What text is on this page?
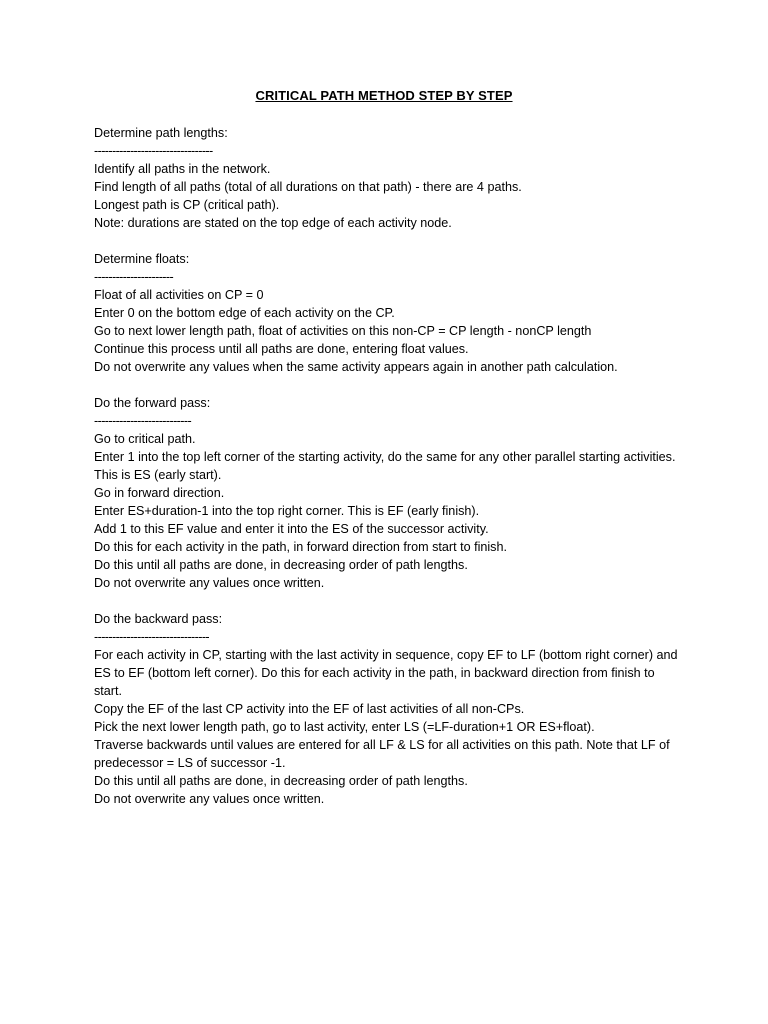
CRITICAL PATH METHOD STEP BY STEP
Determine path lengths:
---------------------------------
Identify all paths in the network.
Find length of all paths (total of all durations on that path) - there are 4 paths.
Longest path is CP (critical path).
Note: durations are stated on the top edge of each activity node.
Determine floats:
----------------------
Float of all activities on CP = 0
Enter 0 on the bottom edge of each activity on the CP.
Go to next lower length path, float of activities on this non-CP = CP length - nonCP length
Continue this process until all paths are done, entering float values.
Do not overwrite any values when the same activity appears again in another path calculation.
Do the forward pass:
---------------------------
Go to critical path.
Enter 1 into the top left corner of the starting activity, do the same for any other parallel starting activities. This is ES (early start).
Go in forward direction.
Enter ES+duration-1 into the top right corner. This is EF (early finish).
Add 1 to this EF value and enter it into the ES of the successor activity.
Do this for each activity in the path, in forward direction from start to finish.
Do this until all paths are done, in decreasing order of path lengths.
Do not overwrite any values once written.
Do the backward pass:
--------------------------------
For each activity in CP, starting with the last activity in sequence, copy EF to LF (bottom right corner) and ES to EF (bottom left corner). Do this for each activity in the path, in backward direction from finish to start.
Copy the EF of the last CP activity into the EF of last activities of all non-CPs.
Pick the next lower length path, go to last activity, enter LS (=LF-duration+1 OR ES+float).
Traverse backwards until values are entered for all LF & LS for all activities on this path. Note that LF of predecessor = LS of successor -1.
Do this until all paths are done, in decreasing order of path lengths.
Do not overwrite any values once written.
